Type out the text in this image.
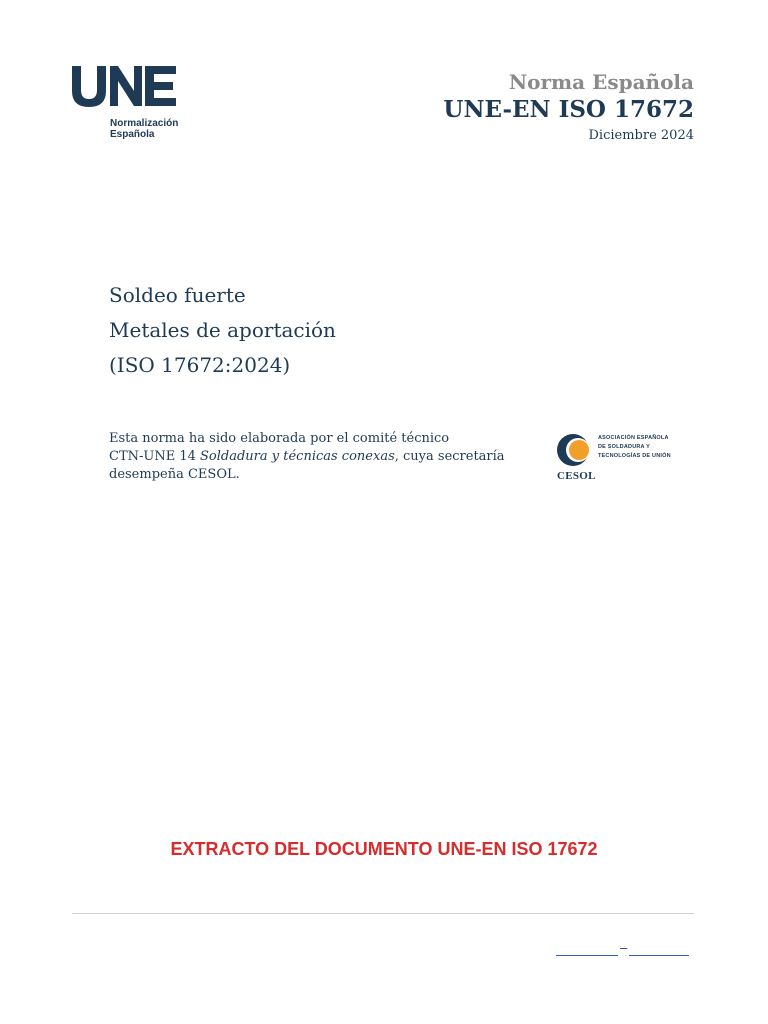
Normalización
Española
Norma Española
UNE-EN ISO 17672
Diciembre 2024
Soldeo fuerte
Metales de aportación
(ISO 17672:2024)
Esta norma ha sido elaborada por el comité técnico
CTN-UNE 14 Soldadura y técnicas conexas, cuya secretaría desempeña CESOL.
ASOCIACIÓN ESPAÑOLA DE SOLDADURA Y TECNOLOGÍAS DE UNIÓN
CESOL
EXTRACTO DEL DOCUMENTO UNE-EN ISO 17672
–
